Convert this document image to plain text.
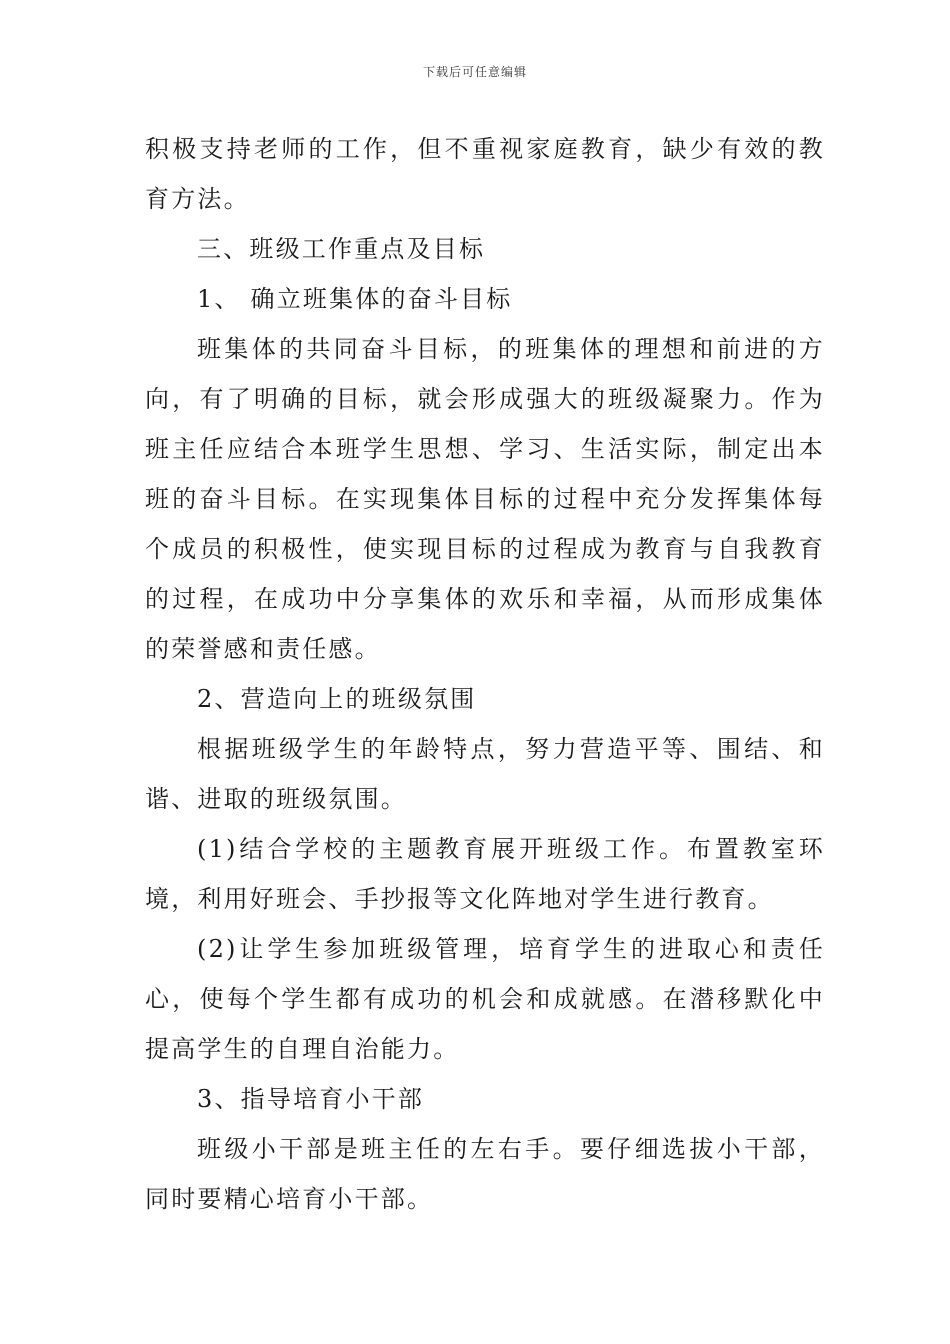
下载后可任意编辑

积极支持老师的工作，但不重视家庭教育，缺少有效的教育方法。

三、班级工作重点及目标

1、 确立班集体的奋斗目标

班集体的共同奋斗目标，的班集体的理想和前进的方向，有了明确的目标，就会形成强大的班级凝聚力。作为班主任应结合本班学生思想、学习、生活实际，制定出本班的奋斗目标。在实现集体目标的过程中充分发挥集体每个成员的积极性，使实现目标的过程成为教育与自我教育的过程，在成功中分享集体的欢乐和幸福，从而形成集体的荣誉感和责任感。

2、营造向上的班级氛围

根据班级学生的年龄特点，努力营造平等、围结、和谐、进取的班级氛围。

(1)结合学校的主题教育展开班级工作。布置教室环境，利用好班会、手抄报等文化阵地对学生进行教育。

(2)让学生参加班级管理，培育学生的进取心和责任心，使每个学生都有成功的机会和成就感。在潜移默化中提高学生的自理自治能力。

3、指导培育小干部

班级小干部是班主任的左右手。要仔细选拔小干部，同时要精心培育小干部。
